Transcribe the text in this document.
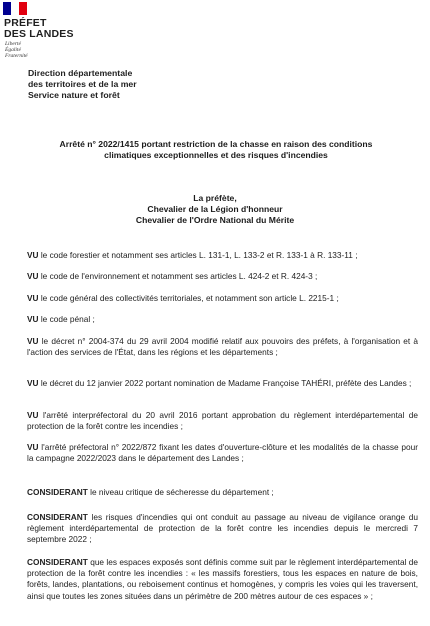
PRÉFET
DES LANDES
Liberté
Égalité
Fraternité
Direction départementale
des territoires et de la mer
Service nature et forêt
Arrêté n° 2022/1415 portant restriction de la chasse en raison des conditions climatiques exceptionnelles et des risques d'incendies
La préfète,
Chevalier de la Légion d'honneur
Chevalier de l'Ordre National du Mérite
VU le code forestier et notamment ses articles L. 131-1, L. 133-2 et R. 133-1 à R. 133-11 ;
VU le code de l'environnement et notamment ses articles L. 424-2 et R. 424-3 ;
VU le code général des collectivités territoriales, et notamment son article L. 2215-1 ;
VU le code pénal ;
VU le décret n° 2004-374 du 29 avril 2004 modifié relatif aux pouvoirs des préfets, à l'organisation et à l'action des services de l'État, dans les régions et les départements ;
VU le décret du 12 janvier 2022 portant nomination de Madame Françoise TAHÉRI, préfète des Landes ;
VU l'arrêté interpréfectoral du 20 avril 2016 portant approbation du règlement interdépartemental de protection de la forêt contre les incendies ;
VU l'arrêté préfectoral n° 2022/872 fixant les dates d'ouverture-clôture et les modalités de la chasse pour la campagne 2022/2023 dans le département des Landes ;
CONSIDERANT le niveau critique de sécheresse du département ;
CONSIDERANT les risques d'incendies qui ont conduit au passage au niveau de vigilance orange du règlement interdépartemental de protection de la forêt contre les incendies depuis le mercredi 7 septembre 2022 ;
CONSIDERANT que les espaces exposés sont définis comme suit par le règlement interdépartemental de protection de la forêt contre les incendies : « les massifs forestiers, tous les espaces en nature de bois, forêts, landes, plantations, ou reboisement continus et homogènes, y compris les voies qui les traversent, ainsi que toutes les zones situées dans un périmètre de 200 mètres autour de ces espaces » ;
